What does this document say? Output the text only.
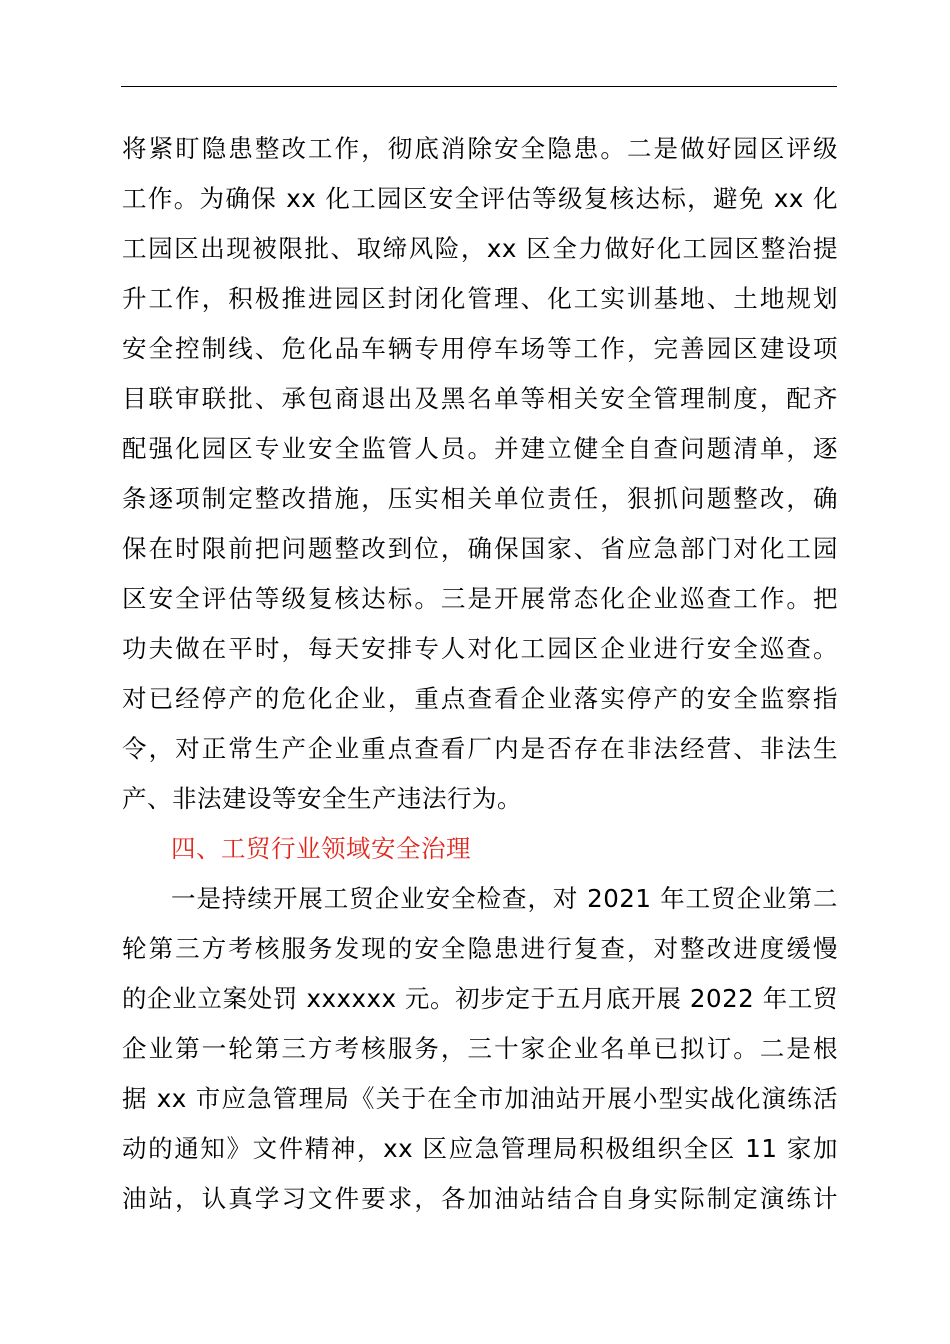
将紧盯隐患整改工作，彻底消除安全隐患。二是做好园区评级
工作。为确保 xx 化工园区安全评估等级复核达标，避免 xx 化
工园区出现被限批、取缔风险，xx 区全力做好化工园区整治提
升工作，积极推进园区封闭化管理、化工实训基地、土地规划
安全控制线、危化品车辆专用停车场等工作，完善园区建设项
目联审联批、承包商退出及黑名单等相关安全管理制度，配齐
配强化园区专业安全监管人员。并建立健全自查问题清单，逐
条逐项制定整改措施，压实相关单位责任，狠抓问题整改，确
保在时限前把问题整改到位，确保国家、省应急部门对化工园
区安全评估等级复核达标。三是开展常态化企业巡查工作。把
功夫做在平时，每天安排专人对化工园区企业进行安全巡查。
对已经停产的危化企业，重点查看企业落实停产的安全监察指
令，对正常生产企业重点查看厂内是否存在非法经营、非法生
产、非法建设等安全生产违法行为。
四、工贸行业领域安全治理
一是持续开展工贸企业安全检查，对 2021 年工贸企业第二
轮第三方考核服务发现的安全隐患进行复查，对整改进度缓慢
的企业立案处罚 xxxxxx 元。初步定于五月底开展 2022 年工贸
企业第一轮第三方考核服务，三十家企业名单已拟订。二是根
据 xx 市应急管理局《关于在全市加油站开展小型实战化演练活
动的通知》文件精神，xx 区应急管理局积极组织全区 11 家加
油站，认真学习文件要求，各加油站结合自身实际制定演练计
